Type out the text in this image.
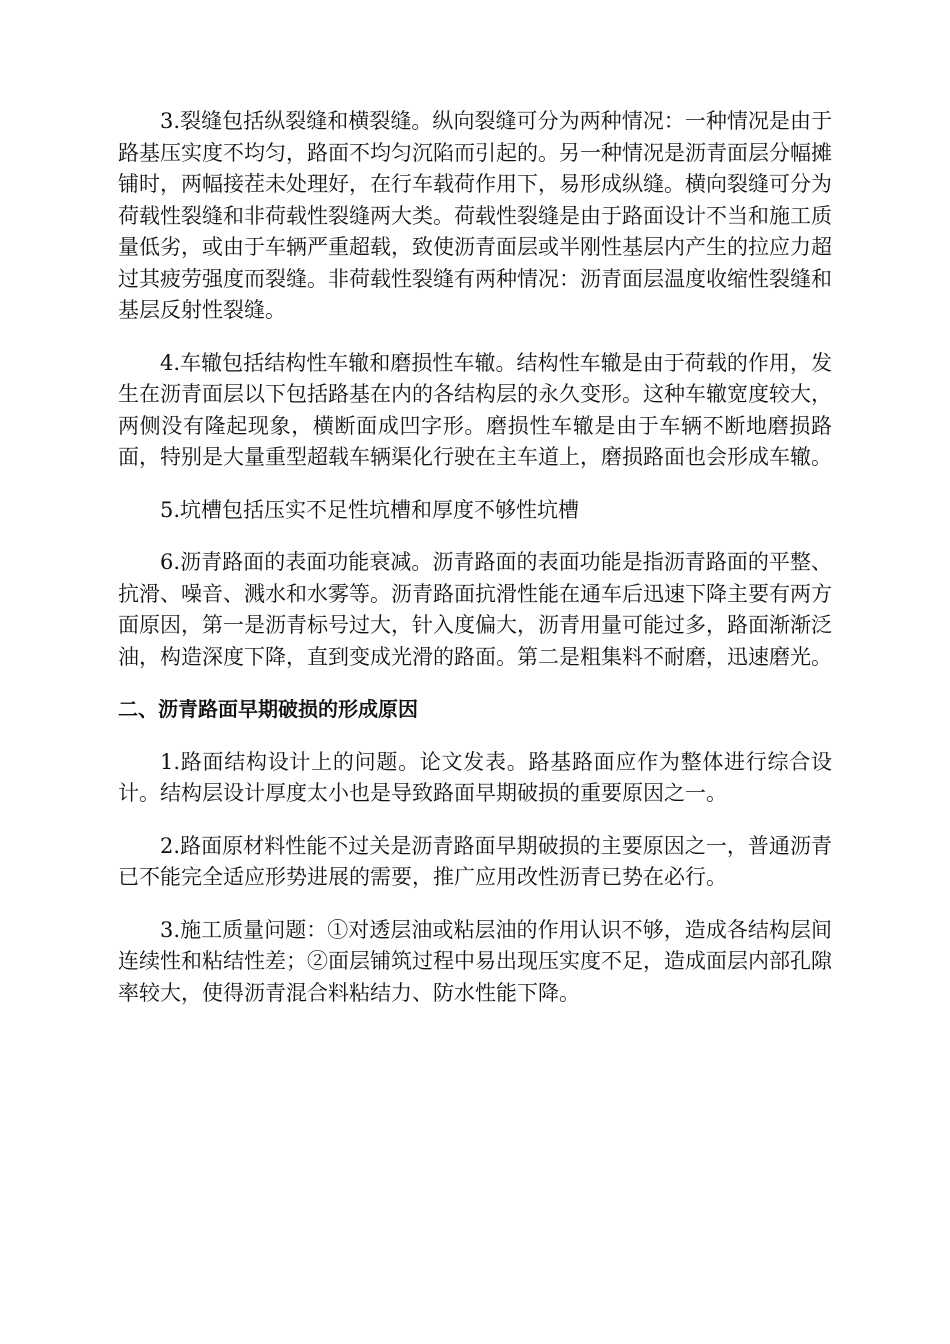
3.裂缝包括纵裂缝和横裂缝。纵向裂缝可分为两种情况：一种情况是由于路基压实度不均匀，路面不均匀沉陷而引起的。另一种情况是沥青面层分幅摊铺时，两幅接茬未处理好，在行车载荷作用下，易形成纵缝。横向裂缝可分为荷载性裂缝和非荷载性裂缝两大类。荷载性裂缝是由于路面设计不当和施工质量低劣，或由于车辆严重超载，致使沥青面层或半刚性基层内产生的拉应力超过其疲劳强度而裂缝。非荷载性裂缝有两种情况：沥青面层温度收缩性裂缝和基层反射性裂缝。

4.车辙包括结构性车辙和磨损性车辙。结构性车辙是由于荷载的作用，发生在沥青面层以下包括路基在内的各结构层的永久变形。这种车辙宽度较大，两侧没有隆起现象，横断面成凹字形。磨损性车辙是由于车辆不断地磨损路面，特别是大量重型超载车辆渠化行驶在主车道上，磨损路面也会形成车辙。

5.坑槽包括压实不足性坑槽和厚度不够性坑槽

6.沥青路面的表面功能衰减。沥青路面的表面功能是指沥青路面的平整、抗滑、噪音、溅水和水雾等。沥青路面抗滑性能在通车后迅速下降主要有两方面原因，第一是沥青标号过大，针入度偏大，沥青用量可能过多，路面渐渐泛油，构造深度下降，直到变成光滑的路面。第二是粗集料不耐磨，迅速磨光。

二、沥青路面早期破损的形成原因

1.路面结构设计上的问题。论文发表。路基路面应作为整体进行综合设计。结构层设计厚度太小也是导致路面早期破损的重要原因之一。

2.路面原材料性能不过关是沥青路面早期破损的主要原因之一，普通沥青已不能完全适应形势进展的需要，推广应用改性沥青已势在必行。

3.施工质量问题：①对透层油或粘层油的作用认识不够，造成各结构层间连续性和粘结性差；②面层铺筑过程中易出现压实度不足，造成面层内部孔隙率较大，使得沥青混合料粘结力、防水性能下降。
